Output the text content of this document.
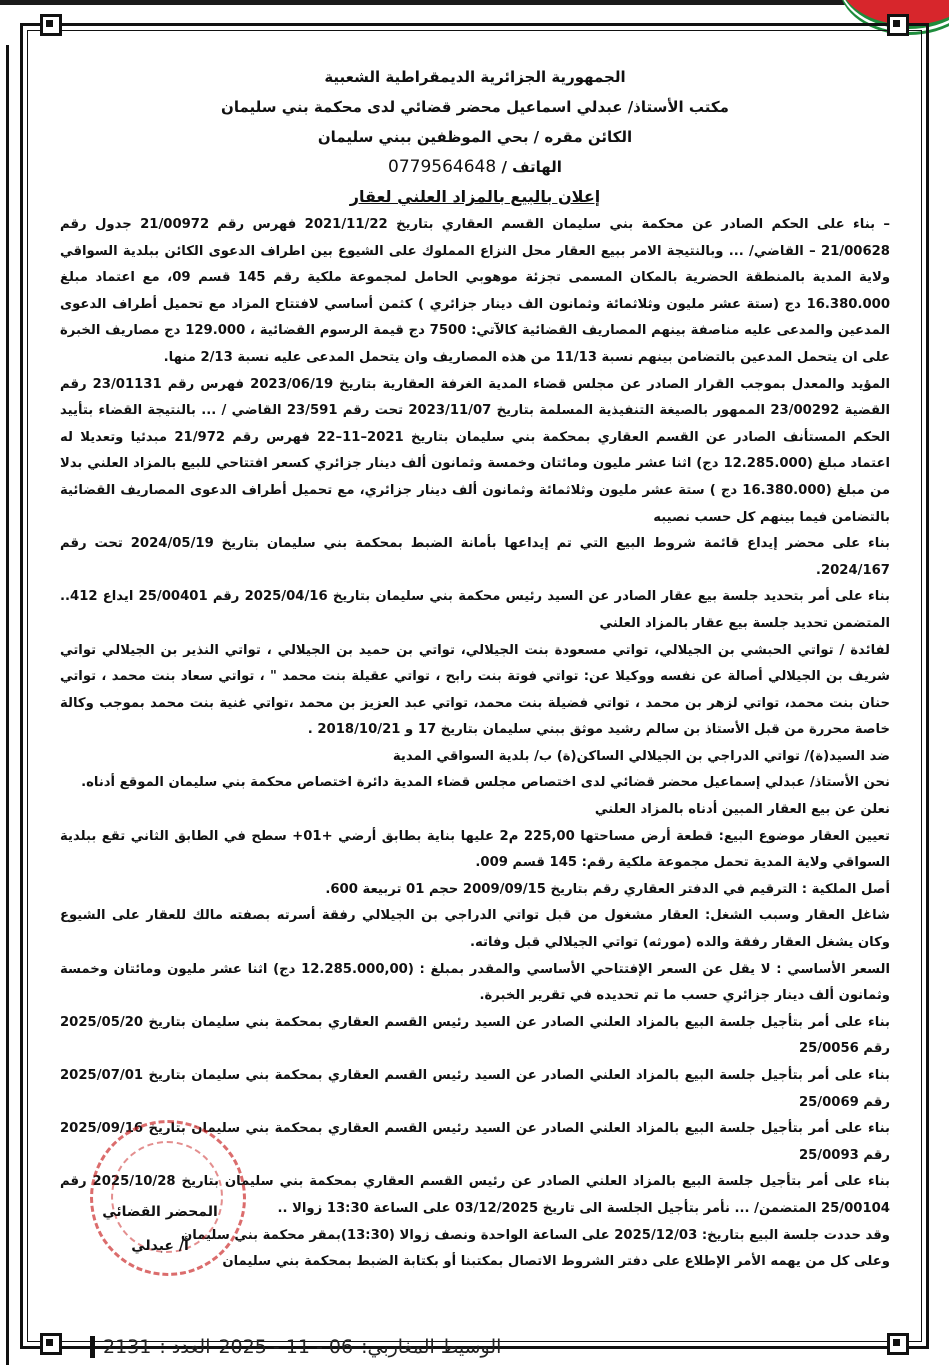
الجمهورية الجزائرية الديمقراطية الشعبية
مكتب الأستاذ/ عبدلي اسماعيل محضر قضائي لدى محكمة بني سليمان
الكائن مقره / بحي الموظفين ببني سليمان
الهاتف / 0779564648
إعلان بالبيع بالمزاد العلني لعقار

– بناء على الحكم الصادر عن محكمة بني سليمان القسم العقاري بتاريخ 2021/11/22 فهرس رقم 21/00972 جدول رقم 21/00628 – القاضي/ ... وبالنتيجة الامر ببيع العقار محل النزاع المملوك على الشيوع بين اطراف الدعوى الكائن ببلدية السواقي ولاية المدية بالمنطقة الحضرية بالمكان المسمى تجزئة موهوبي الحامل لمجموعة ملكية رقم 145 قسم 09، مع اعتماد مبلغ 16.380.000 دج (ستة عشر مليون وثلاثمائة وثمانون الف دينار جزائري ) كثمن أساسي لافتتاح المزاد مع تحميل أطراف الدعوى المدعين والمدعى عليه مناصفة بينهم المصاريف القضائية كالآتي: 7500 دج قيمة الرسوم القضائية ، 129.000 دج مصاريف الخبرة على ان يتحمل المدعين بالتضامن بينهم نسبة 11/13 من هذه المصاريف وان يتحمل المدعى عليه نسبة 2/13 منها.

المؤيد والمعدل بموجب القرار الصادر عن مجلس قضاء المدية الغرفة العقارية بتاريخ 2023/06/19 فهرس رقم 23/01131 رقم القضية 23/00292 الممهور بالصيغة التنفيذية المسلمة بتاريخ 2023/11/07 تحت رقم 23/591 القاضي / ... بالنتيجة القضاء بتأييد الحكم المستأنف الصادر عن القسم العقاري بمحكمة بني سليمان بتاريخ 2021–11–22 فهرس رقم 21/972 مبدئيا وتعديلا له اعتماد مبلغ (12.285.000 دج) اثنا عشر مليون ومائتان وخمسة وثمانون ألف دينار جزائري كسعر افتتاحي للبيع بالمزاد العلني بدلا من مبلغ (16.380.000 دج ) ستة عشر مليون وثلاثمائة وثمانون ألف دينار جزائري، مع تحميل أطراف الدعوى المصاريف القضائية بالتضامن فيما بينهم كل حسب نصيبه

بناء على محضر إيداع قائمة شروط البيع التي تم إيداعها بأمانة الضبط بمحكمة بني سليمان بتاريخ 2024/05/19 تحت رقم 2024/167.

بناء على أمر بتحديد جلسة بيع عقار الصادر عن السيد رئيس محكمة بني سليمان بتاريخ 2025/04/16 رقم 25/00401 ايداع 412.. المتضمن تحديد جلسة بيع عقار بالمزاد العلني

لفائدة / تواتي الحبشي بن الجيلالي، تواتي مسعودة بنت الجيلالي، تواتي بن حميد بن الجيلالي ، تواتي النذير بن الجيلالي تواتي شريف بن الجيلالي أصالة عن نفسه ووكيلا عن: تواتي فوتة بنت رابح ، تواتي عقيلة بنت محمد " ، تواتي سعاد بنت محمد ، تواتي حنان بنت محمد، تواتي لزهر بن محمد ، تواتي فضيلة بنت محمد، تواتي عبد العزيز بن محمد ،تواتي غنية بنت محمد بموجب وكالة خاصة محررة من قبل الأستاذ بن سالم رشيد موثق ببني سليمان بتاريخ 17 و 2018/10/21 .

ضد السيد(ة)/ تواتي الدراجي بن الجيلالي الساكن(ة) ب/ بلدية السواقي المدية

نحن الأستاذ/ عبدلي إسماعيل محضر قضائي لدى اختصاص مجلس قضاء المدية دائرة اختصاص محكمة بني سليمان الموقع أدناه.

نعلن عن بيع العقار المبين أدناه بالمزاد العلني

تعيين العقار موضوع البيع: قطعة أرض مساحتها 225,00 م2 عليها بناية بطابق أرضي +01+ سطح في الطابق الثاني تقع ببلدية السواقي ولاية المدية تحمل مجموعة ملكية رقم: 145 قسم 009.

أصل الملكية : الترقيم في الدفتر العقاري رقم بتاريخ 2009/09/15 حجم 01 تربيعة 600.

شاغل العقار وسبب الشغل: العقار مشغول من قبل تواتي الدراجي بن الجيلالي رفقة أسرته بصفته مالك للعقار على الشيوع وكان يشغل العقار رفقة والده (مورثه) تواتي الجيلالي قبل وفاته.

السعر الأساسي : لا يقل عن السعر الإفتتاحي الأساسي والمقدر بمبلغ : (12.285.000,00 دج) اثنا عشر مليون ومائتان وخمسة وثمانون ألف دينار جزائري حسب ما تم تحديده في تقرير الخبرة.

بناء على أمر بتأجيل جلسة البيع بالمزاد العلني الصادر عن السيد رئيس القسم العقاري بمحكمة بني سليمان بتاريخ 2025/05/20 رقم 25/0056

بناء على أمر بتأجيل جلسة البيع بالمزاد العلني الصادر عن السيد رئيس القسم العقاري بمحكمة بني سليمان بتاريخ 2025/07/01 رقم 25/0069

بناء على أمر بتأجيل جلسة البيع بالمزاد العلني الصادر عن السيد رئيس القسم العقاري بمحكمة بني سليمان بتاريخ 2025/09/16 رقم 25/0093

بناء على أمر بتأجيل جلسة البيع بالمزاد العلني الصادر عن رئيس القسم العقاري بمحكمة بني سليمان بتاريخ 2025/10/28 رقم 25/00104 المتضمن/ ... نأمر بتأجيل الجلسة الى تاريخ 03/12/2025 على الساعة 13:30 زوالا ..

وقد حددت جلسة البيع بتاريخ: 2025/12/03 على الساعة الواحدة ونصف زوالا (13:30)بمقر محكمة بني سليمان

وعلى كل من يهمه الأمر الإطلاع على دفتر الشروط الاتصال بمكتبنا أو بكتابة الضبط بمحكمة بني سليمان

المحضر القضائي
أ/ عبدلي
الوسيط المغاربي:
06 - 11 - 2025
العدد :
2131
